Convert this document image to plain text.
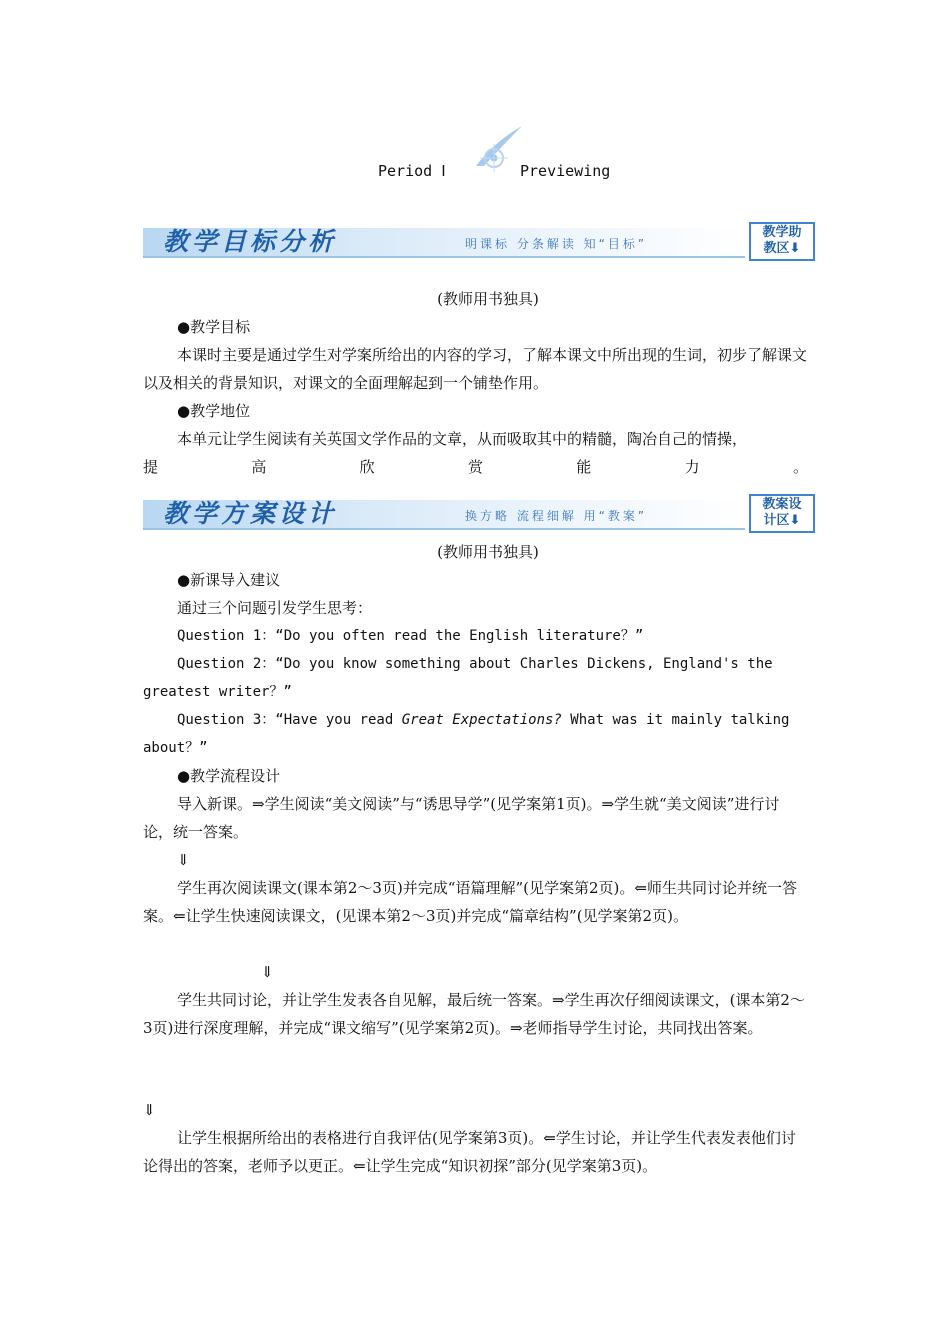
Period Ⅰ	Previewing
教学目标分析	明课标 分条解读 知“目标”
教学助
教区⬇
(教师用书独具)
●教学目标
本课时主要是通过学生对学案所给出的内容的学习，了解本课文中所出现的生词，初步了解课文以及相关的背景知识，对课文的全面理解起到一个铺垫作用。
●教学地位
本单元让学生阅读有关英国文学作品的文章，从而吸取其中的精髓，陶冶自己的情操，
提	高	欣	赏	能	力	。
教学方案设计	换方略 流程细解 用“教案”
教案设
计区⬇
(教师用书独具)
●新课导入建议
通过三个问题引发学生思考：
Question 1：“Do you often read the English literature？”
Question 2：“Do you know something about Charles Dickens, England's the
greatest writer？”
Question 3：“Have you read Great Expectations? What was it mainly talking
about？”
●教学流程设计
导入新课。⇒学生阅读“美文阅读”与“诱思导学”(见学案第1页)。⇒学生就“美文阅读”进行讨论，统一答案。
⇓
学生再次阅读课文(课本第2～3页)并完成“语篇理解”(见学案第2页)。⇐师生共同讨论并统一答案。⇐让学生快速阅读课文，(见课本第2～3页)并完成“篇章结构”(见学案第2页)。
⇓
学生共同讨论，并让学生发表各自见解，最后统一答案。⇒学生再次仔细阅读课文，(课本第2～3页)进行深度理解，并完成“课文缩写”(见学案第2页)。⇒老师指导学生讨论，共同找出答案。
⇓
让学生根据所给出的表格进行自我评估(见学案第3页)。⇐学生讨论，并让学生代表发表他们讨论得出的答案，老师予以更正。⇐让学生完成“知识初探”部分(见学案第3页)。
